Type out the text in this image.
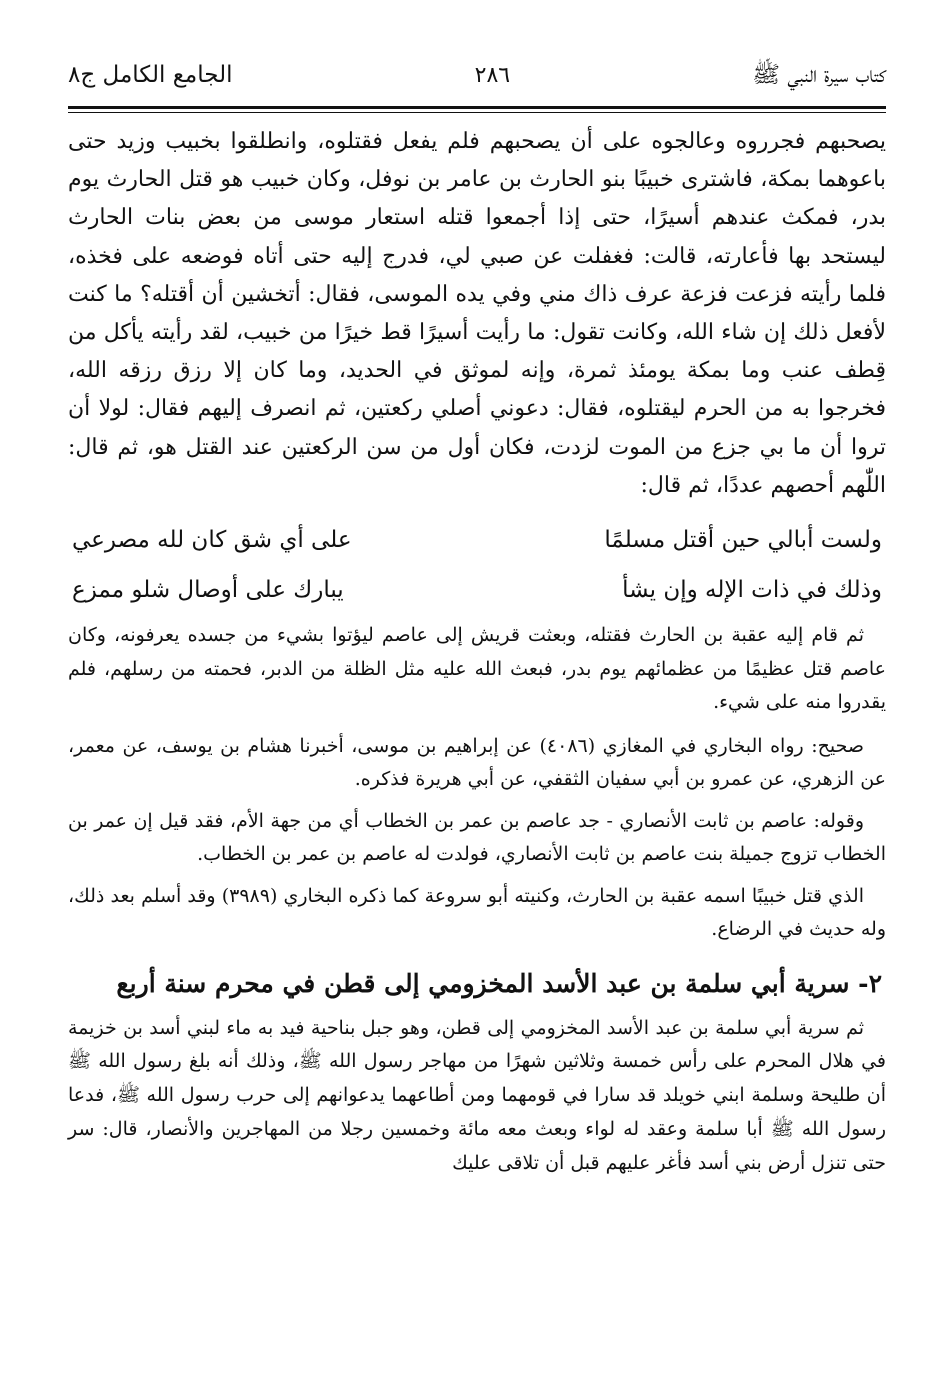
كتاب سيرة النبي ﷺ
٢٨٦
الجامع الكامل ج٨

يصحبهم فجرروه وعالجوه على أن يصحبهم فلم يفعل فقتلوه، وانطلقوا بخبيب وزيد حتى باعوهما بمكة، فاشترى خبيبًا بنو الحارث بن عامر بن نوفل، وكان خبيب هو قتل الحارث يوم بدر، فمكث عندهم أسيرًا، حتى إذا أجمعوا قتله استعار موسى من بعض بنات الحارث ليستحد بها فأعارته، قالت: فغفلت عن صبي لي، فدرج إليه حتى أتاه فوضعه على فخذه، فلما رأيته فزعت فزعة عرف ذاك مني وفي يده الموسى، فقال: أتخشين أن أقتله؟ ما كنت لأفعل ذلك إن شاء الله، وكانت تقول: ما رأيت أسيرًا قط خيرًا من خبيب، لقد رأيته يأكل من قِطف عنب وما بمكة يومئذ ثمرة، وإنه لموثق في الحديد، وما كان إلا رزق رزقه الله، فخرجوا به من الحرم ليقتلوه، فقال: دعوني أصلي ركعتين، ثم انصرف إليهم فقال: لولا أن تروا أن ما بي جزع من الموت لزدت، فكان أول من سن الركعتين عند القتل هو، ثم قال: اللّٰهم أحصهم عددًا، ثم قال:

ولست أبالي حين أقتل مسلمًا
على أي شق كان لله مصرعي
وذلك في ذات الإله وإن يشأ
يبارك على أوصال شلو ممزع

ثم قام إليه عقبة بن الحارث فقتله، وبعثت قريش إلى عاصم ليؤتوا بشيء من جسده يعرفونه، وكان عاصم قتل عظيمًا من عظمائهم يوم بدر، فبعث الله عليه مثل الظلة من الدبر، فحمته من رسلهم، فلم يقدروا منه على شيء.

صحيح: رواه البخاري في المغازي (٤٠٨٦) عن إبراهيم بن موسى، أخبرنا هشام بن يوسف، عن معمر، عن الزهري، عن عمرو بن أبي سفيان الثقفي، عن أبي هريرة فذكره.

وقوله: عاصم بن ثابت الأنصاري - جد عاصم بن عمر بن الخطاب أي من جهة الأم، فقد قيل إن عمر بن الخطاب تزوج جميلة بنت عاصم بن ثابت الأنصاري، فولدت له عاصم بن عمر بن الخطاب.

الذي قتل خبيبًا اسمه عقبة بن الحارث، وكنيته أبو سروعة كما ذكره البخاري (٣٩٨٩) وقد أسلم بعد ذلك، وله حديث في الرضاع.

٢- سرية أبي سلمة بن عبد الأسد المخزومي إلى قطن في محرم سنة أربع

ثم سرية أبي سلمة بن عبد الأسد المخزومي إلى قطن، وهو جبل بناحية فيد به ماء لبني أسد بن خزيمة في هلال المحرم على رأس خمسة وثلاثين شهرًا من مهاجر رسول الله ﷺ، وذلك أنه بلغ رسول الله ﷺ أن طليحة وسلمة ابني خويلد قد سارا في قومهما ومن أطاعهما يدعوانهم إلى حرب رسول الله ﷺ، فدعا رسول الله ﷺ أبا سلمة وعقد له لواء وبعث معه مائة وخمسين رجلا من المهاجرين والأنصار، قال: سر حتى تنزل أرض بني أسد فأغر عليهم قبل أن تلاقى عليك
